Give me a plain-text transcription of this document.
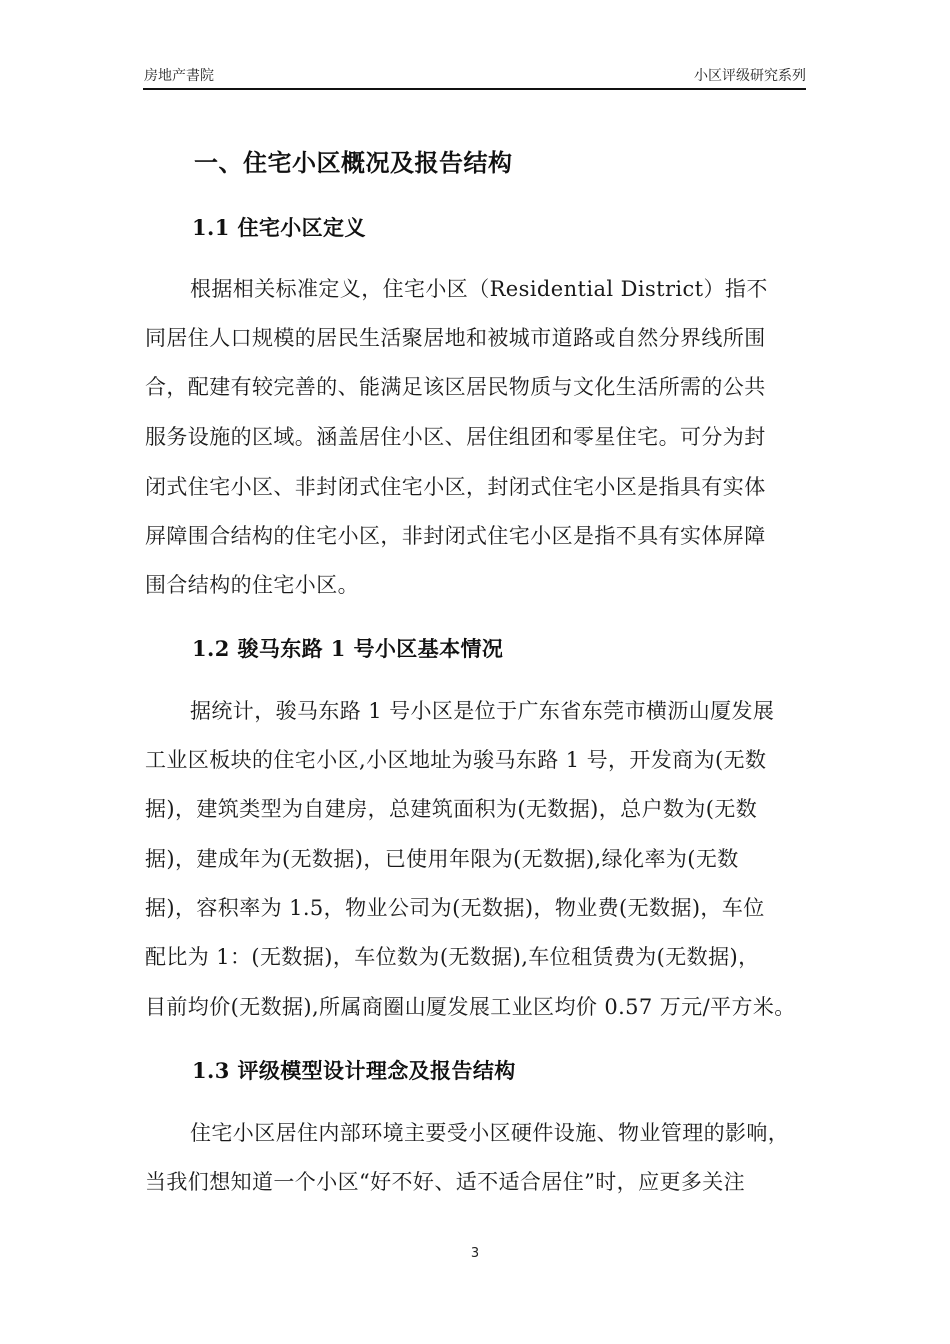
房地产書院	小区评级研究系列
一、住宅小区概况及报告结构
1.1 住宅小区定义
根据相关标准定义，住宅小区（Residential District）指不
同居住人口规模的居民生活聚居地和被城市道路或自然分界线所围
合，配建有较完善的、能满足该区居民物质与文化生活所需的公共
服务设施的区域。涵盖居住小区、居住组团和零星住宅。可分为封
闭式住宅小区、非封闭式住宅小区，封闭式住宅小区是指具有实体
屏障围合结构的住宅小区，非封闭式住宅小区是指不具有实体屏障
围合结构的住宅小区。
1.2 骏马东路 1 号小区基本情况
据统计，骏马东路 1 号小区是位于广东省东莞市横沥山厦发展
工业区板块的住宅小区,小区地址为骏马东路 1 号，开发商为(无数
据)，建筑类型为自建房，总建筑面积为(无数据)，总户数为(无数
据)，建成年为(无数据)，已使用年限为(无数据),绿化率为(无数
据)，容积率为 1.5，物业公司为(无数据)，物业费(无数据)，车位
配比为 1：(无数据)，车位数为(无数据),车位租赁费为(无数据)，
目前均价(无数据),所属商圈山厦发展工业区均价 0.57 万元/平方米。
1.3 评级模型设计理念及报告结构
住宅小区居住内部环境主要受小区硬件设施、物业管理的影响，
当我们想知道一个小区“好不好、适不适合居住”时，应更多关注
3
